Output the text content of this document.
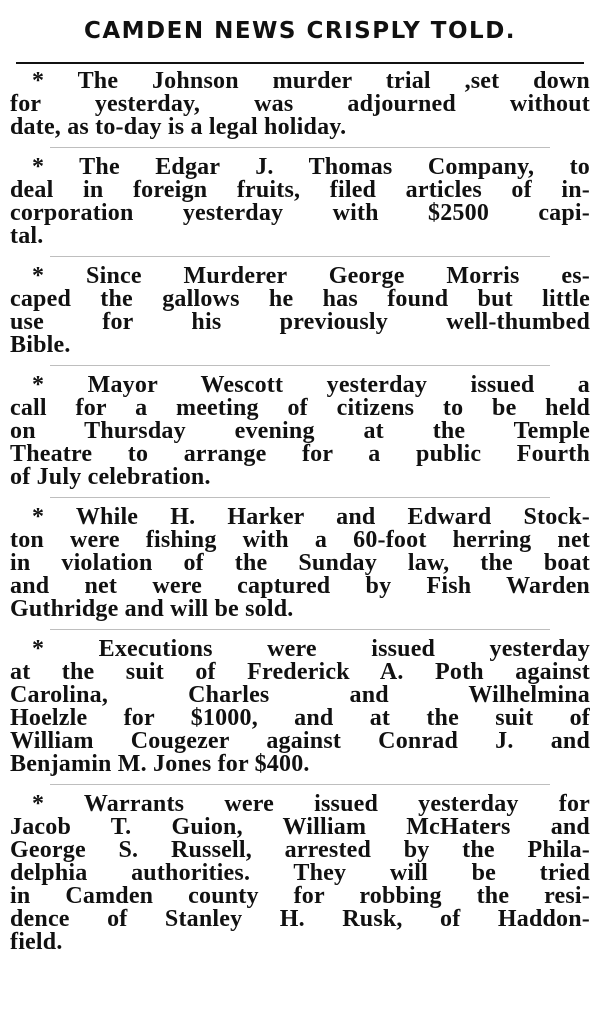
CAMDEN NEWS CRISPLY TOLD.
* The Johnson murder trial ,set down
for yesterday, was adjourned without
date, as to-day is a legal holiday.
* The Edgar J. Thomas Company, to
deal in foreign fruits, filed articles of in-
corporation yesterday with $2500 capi-
tal.
* Since Murderer George Morris es-
caped the gallows he has found but little
use for his previously well-thumbed
Bible.
* Mayor Wescott yesterday issued a
call for a meeting of citizens to be held
on Thursday evening at the Temple
Theatre to arrange for a public Fourth
of July celebration.
* While H. Harker and Edward Stock-
ton were fishing with a 60-foot herring net
in violation of the Sunday law, the boat
and net were captured by Fish Warden
Guthridge and will be sold.
* Executions were issued yesterday
at the suit of Frederick A. Poth against
Carolina, Charles and Wilhelmina
Hoelzle for $1000, and at the suit of
William Cougezer against Conrad J. and
Benjamin M. Jones for $400.
* Warrants were issued yesterday for
Jacob T. Guion, William McHaters and
George S. Russell, arrested by the Phila-
delphia authorities. They will be tried
in Camden county for robbing the resi-
dence of Stanley H. Rusk, of Haddon-
field.
